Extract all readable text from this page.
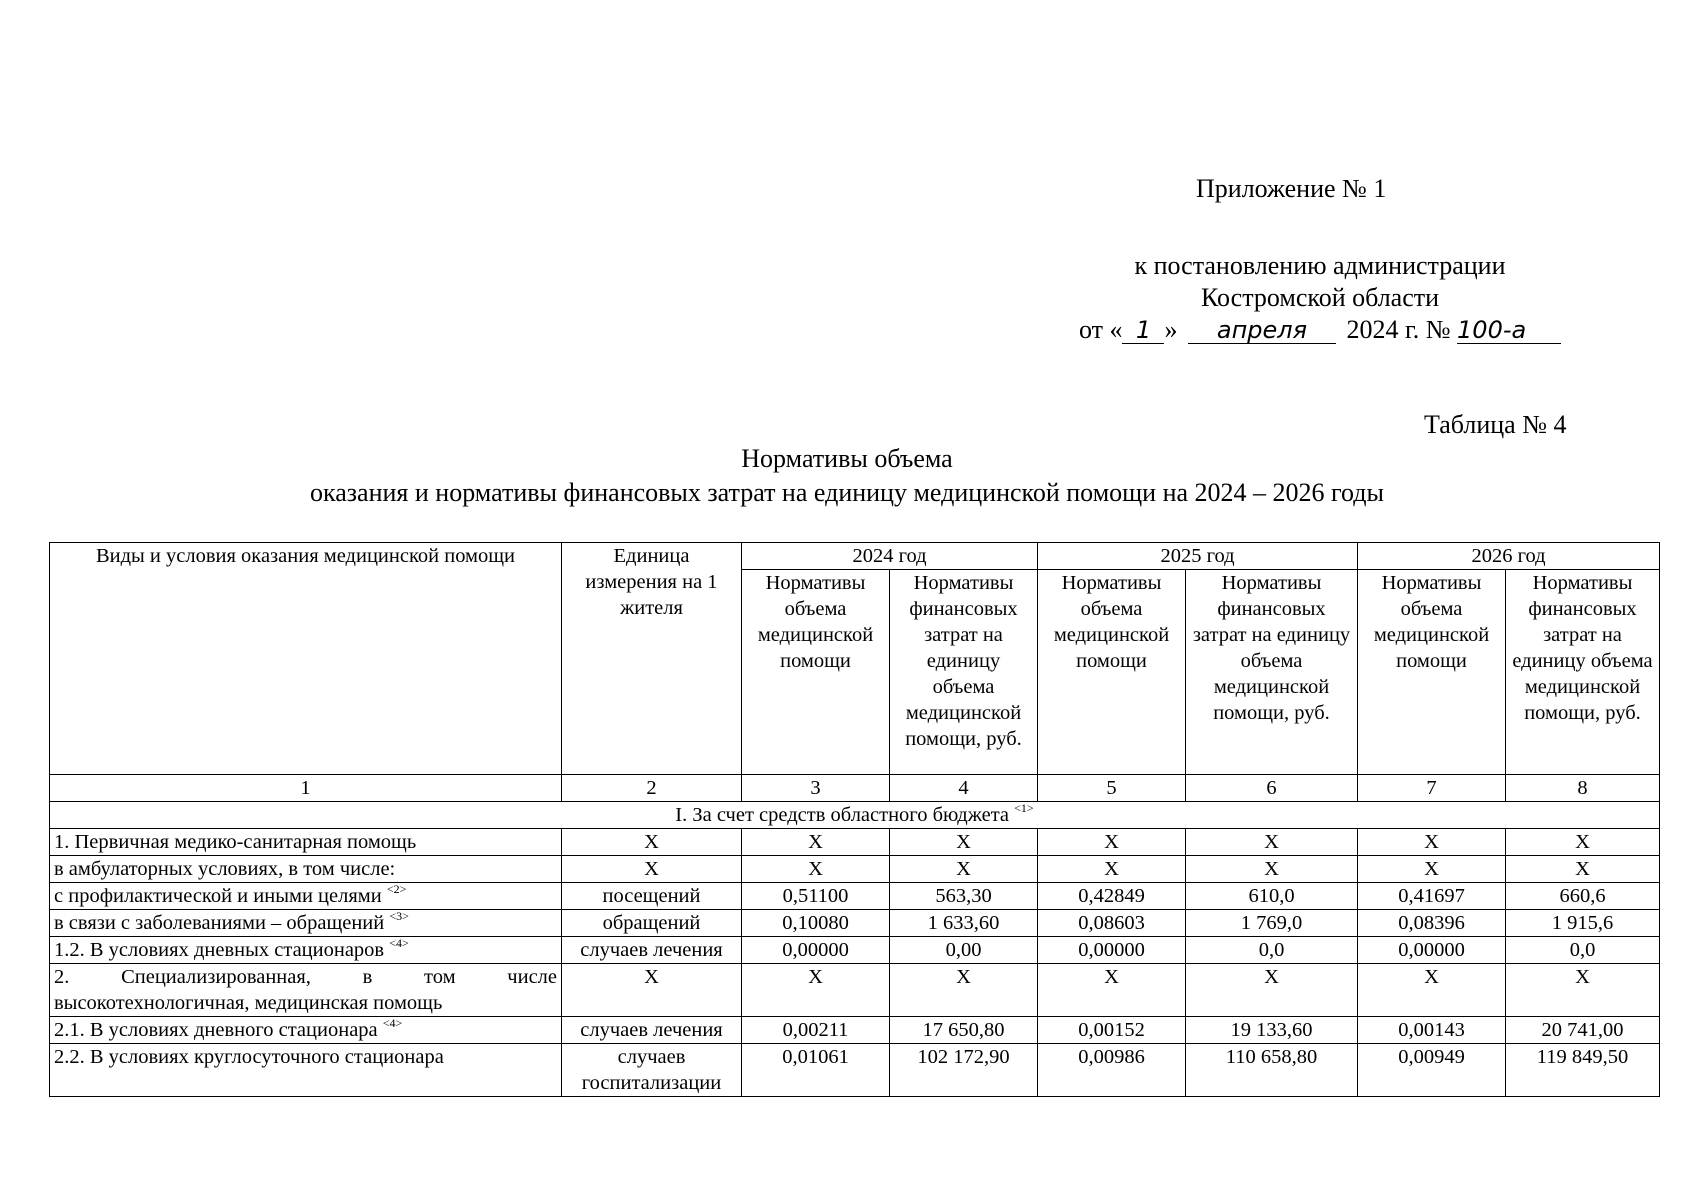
Приложение № 1
к постановлению администрации
Костромской области
от « 1 » апреля 2024 г. № 100-а
Таблица № 4
Нормативы объема
оказания и нормативы финансовых затрат на единицу медицинской помощи на 2024 – 2026 годы
Виды и условия оказания медицинской помощи	Единица измерения на 1 жителя	2024 год		2025 год		2026 год	
		Нормативы объема медицинской помощи	Нормативы финансовых затрат на единицу объема медицинской помощи, руб.	Нормативы объема медицинской помощи	Нормативы финансовых затрат на единицу объема медицинской помощи, руб.	Нормативы объема медицинской помощи	Нормативы финансовых затрат на единицу объема медицинской помощи, руб.
1	2	3	4	5	6	7	8
I. За счет средств областного бюджета $^{<1>}$
1. Первичная медико-санитарная помощь	Х	Х	Х	Х	Х	Х	Х
в амбулаторных условиях, в том числе:	Х	Х	Х	Х	Х	Х	Х
с профилактической и иными целями $^{<2>}$	посещений	0,51100	563,30	0,42849	610,0	0,41697	660,6
в связи с заболеваниями – обращений $^{<3>}$	обращений	0,10080	1 633,60	0,08603	1 769,0	0,08396	1 915,6
1.2. В условиях дневных стационаров $^{<4>}$	случаев лечения	0,00000	0,00	0,00000	0,0	0,00000	0,0
2. Специализированная, в том числе высокотехнологичная, медицинская помощь	Х	Х	Х	Х	Х	Х	Х
2.1. В условиях дневного стационара $^{<4>}$	случаев лечения	0,00211	17 650,80	0,00152	19 133,60	0,00143	20 741,00
2.2. В условиях круглосуточного стационара	случаев госпитализации	0,01061	102 172,90	0,00986	110 658,80	0,00949	119 849,50
